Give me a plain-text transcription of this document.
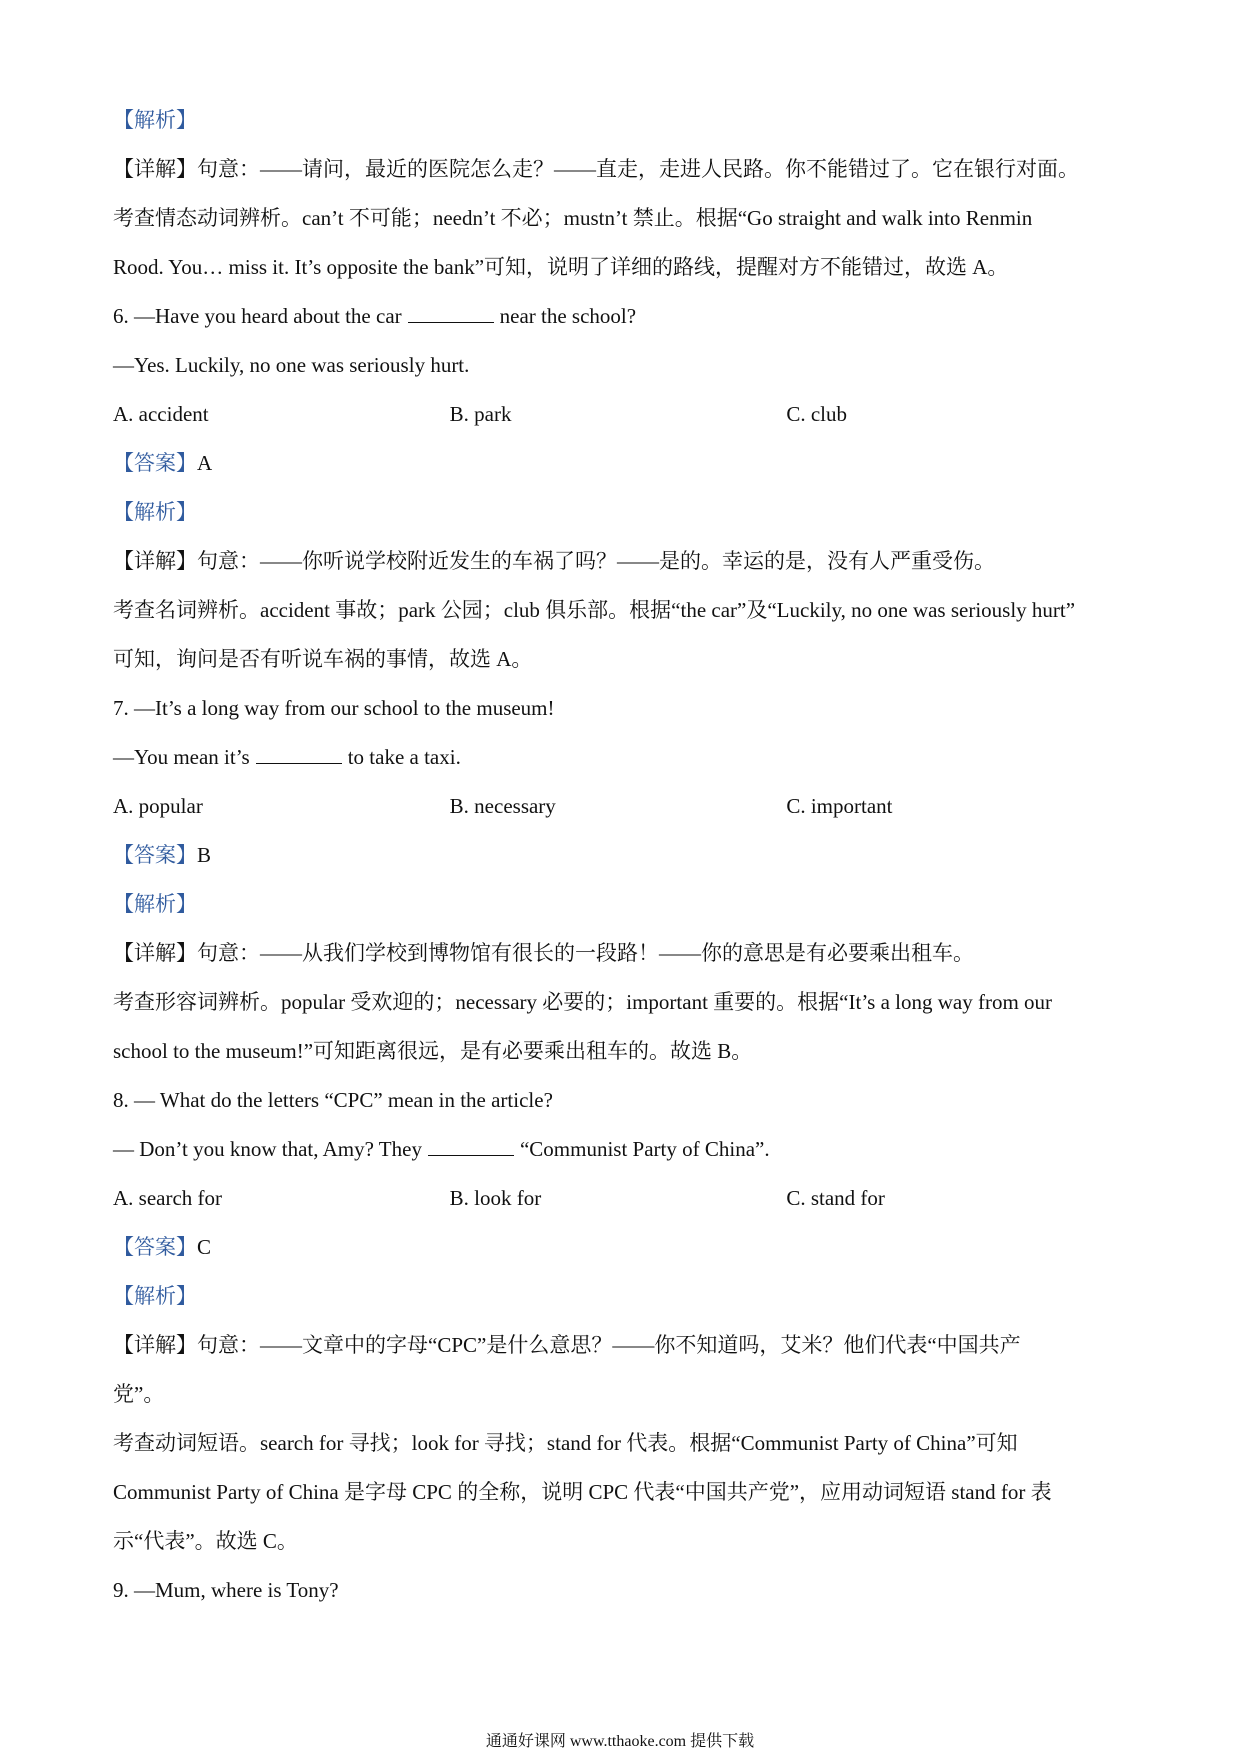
【解析】
【详解】句意：——请问，最近的医院怎么走？——直走，走进人民路。你不能错过了。它在银行对面。
考查情态动词辨析。can’t 不可能；needn’t 不必；mustn’t 禁止。根据“Go straight and walk into Renmin
Rood. You… miss it. It’s opposite the bank”可知，说明了详细的路线，提醒对方不能错过，故选 A。
6. —Have you heard about the car	near the school?
—Yes. Luckily, no one was seriously hurt.
A. accident	B. park	C. club
【答案】A
【解析】
【详解】句意：——你听说学校附近发生的车祸了吗？——是的。幸运的是，没有人严重受伤。
考查名词辨析。accident 事故；park 公园；club 俱乐部。根据“the car”及“Luckily, no one was seriously hurt”
可知，询问是否有听说车祸的事情，故选 A。
7. —It’s a long way from our school to the museum!
—You mean it’s	to take a taxi.
A. popular	B. necessary	C. important
【答案】B
【解析】
【详解】句意：——从我们学校到博物馆有很长的一段路！——你的意思是有必要乘出租车。
考查形容词辨析。popular 受欢迎的；necessary 必要的；important 重要的。根据“It’s a long way from our
school to the museum!”可知距离很远，是有必要乘出租车的。故选 B。
8. — What do the letters “CPC” mean in the article?
— Don’t you know that, Amy? They	“Communist Party of China”.
A. search for	B. look for	C. stand for
【答案】C
【解析】
【详解】句意：——文章中的字母“CPC”是什么意思？——你不知道吗，艾米？他们代表“中国共产
党”。
考查动词短语。search for 寻找；look for 寻找；stand for 代表。根据“Communist Party of China”可知
Communist Party of China 是字母 CPC 的全称，说明 CPC 代表“中国共产党”，应用动词短语 stand for 表
示“代表”。故选 C。
9. —Mum, where is Tony?
通通好课网 www.tthaoke.com 提供下载
